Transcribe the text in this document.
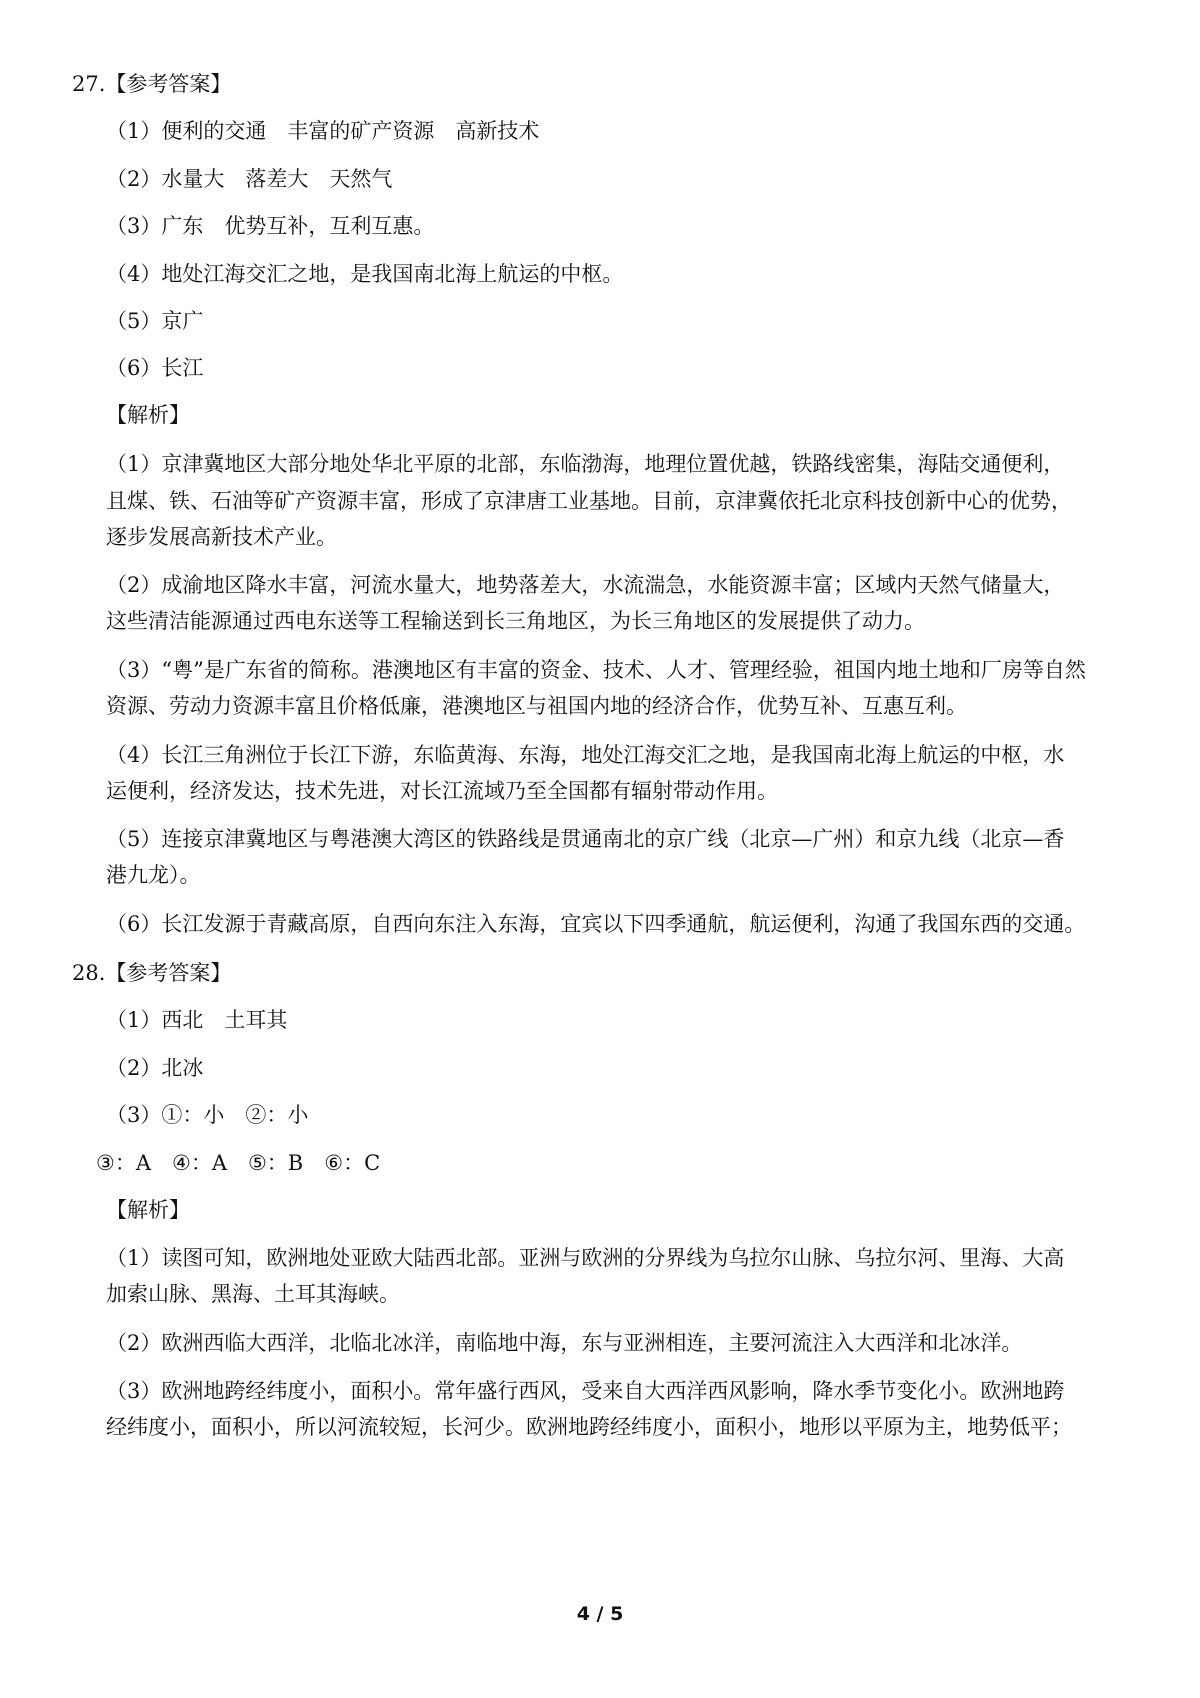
27.【参考答案】
（1）便利的交通　丰富的矿产资源　高新技术
（2）水量大　落差大　天然气
（3）广东　优势互补，互利互惠。
（4）地处江海交汇之地，是我国南北海上航运的中枢。
（5）京广
（6）长江
【解析】
（1）京津冀地区大部分地处华北平原的北部，东临渤海，地理位置优越，铁路线密集，海陆交通便利，
且煤、铁、石油等矿产资源丰富，形成了京津唐工业基地。目前，京津冀依托北京科技创新中心的优势，
逐步发展高新技术产业。
（2）成渝地区降水丰富，河流水量大，地势落差大，水流湍急，水能资源丰富；区域内天然气储量大，
这些清洁能源通过西电东送等工程输送到长三角地区，为长三角地区的发展提供了动力。
（3）“粤”是广东省的简称。港澳地区有丰富的资金、技术、人才、管理经验，祖国内地土地和厂房等自然
资源、劳动力资源丰富且价格低廉，港澳地区与祖国内地的经济合作，优势互补、互惠互利。
（4）长江三角洲位于长江下游，东临黄海、东海，地处江海交汇之地，是我国南北海上航运的中枢，水
运便利，经济发达，技术先进，对长江流域乃至全国都有辐射带动作用。
（5）连接京津冀地区与粤港澳大湾区的铁路线是贯通南北的京广线（北京—广州）和京九线（北京—香
港九龙）。
（6）长江发源于青藏高原，自西向东注入东海，宜宾以下四季通航，航运便利，沟通了我国东西的交通。
28.【参考答案】
（1）西北　土耳其
（2）北冰
（3）①：小　②：小
③：A　④：A　⑤：B　⑥：C
【解析】
（1）读图可知，欧洲地处亚欧大陆西北部。亚洲与欧洲的分界线为乌拉尔山脉、乌拉尔河、里海、大高
加索山脉、黑海、土耳其海峡。
（2）欧洲西临大西洋，北临北冰洋，南临地中海，东与亚洲相连，主要河流注入大西洋和北冰洋。
（3）欧洲地跨经纬度小，面积小。常年盛行西风，受来自大西洋西风影响，降水季节变化小。欧洲地跨
经纬度小，面积小，所以河流较短，长河少。欧洲地跨经纬度小，面积小，地形以平原为主，地势低平；
4 / 5
